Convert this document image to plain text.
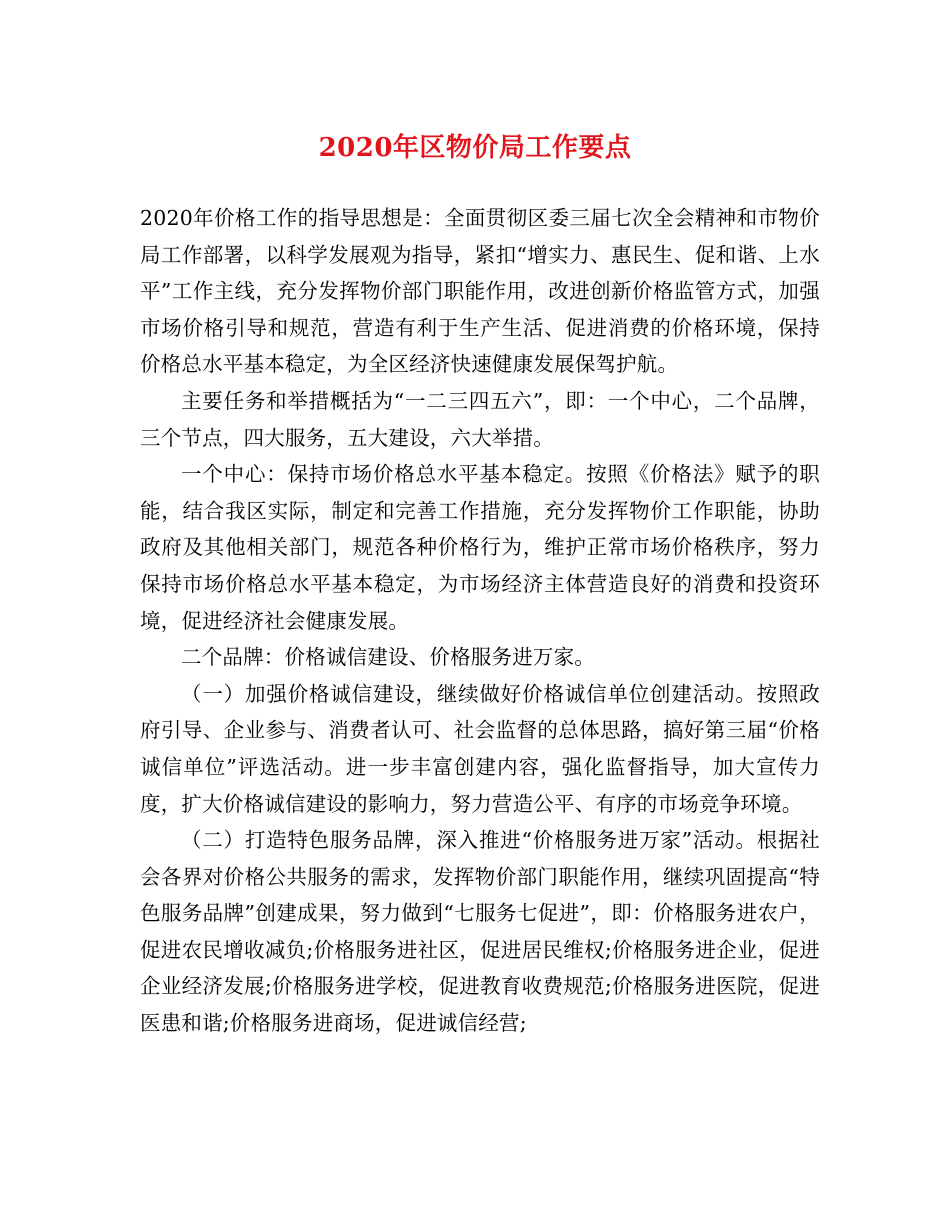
2020年区物价局工作要点

2020年价格工作的指导思想是：全面贯彻区委三届七次全会精神和市物价局工作部署，以科学发展观为指导，紧扣“增实力、惠民生、促和谐、上水平”工作主线，充分发挥物价部门职能作用，改进创新价格监管方式，加强市场价格引导和规范，营造有利于生产生活、促进消费的价格环境，保持价格总水平基本稳定，为全区经济快速健康发展保驾护航。

主要任务和举措概括为“一二三四五六”，即：一个中心，二个品牌，三个节点，四大服务，五大建设，六大举措。

一个中心：保持市场价格总水平基本稳定。按照《价格法》赋予的职能，结合我区实际，制定和完善工作措施，充分发挥物价工作职能，协助政府及其他相关部门，规范各种价格行为，维护正常市场价格秩序，努力保持市场价格总水平基本稳定，为市场经济主体营造良好的消费和投资环境，促进经济社会健康发展。

二个品牌：价格诚信建设、价格服务进万家。

（一）加强价格诚信建设，继续做好价格诚信单位创建活动。按照政府引导、企业参与、消费者认可、社会监督的总体思路，搞好第三届“价格诚信单位”评选活动。进一步丰富创建内容，强化监督指导，加大宣传力度，扩大价格诚信建设的影响力，努力营造公平、有序的市场竞争环境。

（二）打造特色服务品牌，深入推进“价格服务进万家”活动。根据社会各界对价格公共服务的需求，发挥物价部门职能作用，继续巩固提高“特色服务品牌”创建成果，努力做到“七服务七促进”，即：价格服务进农户，促进农民增收减负;价格服务进社区，促进居民维权;价格服务进企业，促进企业经济发展;价格服务进学校，促进教育收费规范;价格服务进医院，促进医患和谐;价格服务进商场，促进诚信经营;
